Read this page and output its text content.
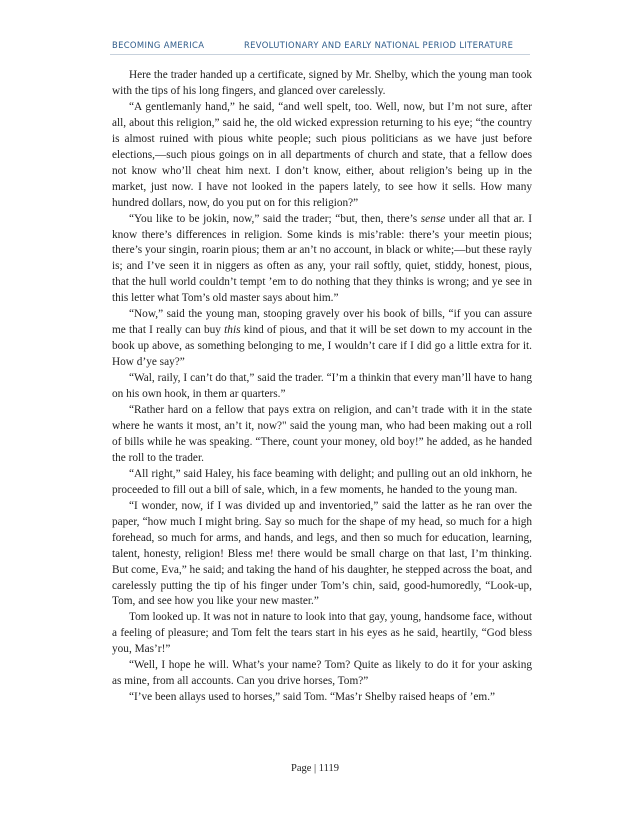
BECOMING AMERICA	REVOLUTIONARY AND EARLY NATIONAL PERIOD LITERATURE

Here the trader handed up a certificate, signed by Mr. Shelby, which the young man took with the tips of his long fingers, and glanced over carelessly.

“A gentlemanly hand,” he said, “and well spelt, too. Well, now, but I’m not sure, after all, about this religion,” said he, the old wicked expression returning to his eye; “the country is almost ruined with pious white people; such pious politicians as we have just before elections,—such pious goings on in all departments of church and state, that a fellow does not know who’ll cheat him next. I don’t know, either, about religion’s being up in the market, just now. I have not looked in the papers lately, to see how it sells. How many hundred dollars, now, do you put on for this religion?”

“You like to be jokin, now,” said the trader; “but, then, there’s sense under all that ar. I know there’s differences in religion. Some kinds is mis’rable: there’s your meetin pious; there’s your singin, roarin pious; them ar an’t no account, in black or white;—but these rayly is; and I’ve seen it in niggers as often as any, your rail softly, quiet, stiddy, honest, pious, that the hull world couldn’t tempt ’em to do nothing that they thinks is wrong; and ye see in this letter what Tom’s old master says about him.”

“Now,” said the young man, stooping gravely over his book of bills, “if you can assure me that I really can buy this kind of pious, and that it will be set down to my account in the book up above, as something belonging to me, I wouldn’t care if I did go a little extra for it. How d’ye say?”

“Wal, raily, I can’t do that,” said the trader. “I’m a thinkin that every man’ll have to hang on his own hook, in them ar quarters.”

“Rather hard on a fellow that pays extra on religion, and can’t trade with it in the state where he wants it most, an’t it, now?" said the young man, who had been making out a roll of bills while he was speaking. “There, count your money, old boy!” he added, as he handed the roll to the trader.

“All right,” said Haley, his face beaming with delight; and pulling out an old inkhorn, he proceeded to fill out a bill of sale, which, in a few moments, he handed to the young man.

“I wonder, now, if I was divided up and inventoried,” said the latter as he ran over the paper, “how much I might bring. Say so much for the shape of my head, so much for a high forehead, so much for arms, and hands, and legs, and then so much for education, learning, talent, honesty, religion! Bless me! there would be small charge on that last, I’m thinking. But come, Eva,” he said; and taking the hand of his daughter, he stepped across the boat, and carelessly putting the tip of his finger under Tom’s chin, said, good-humoredly, “Look-up, Tom, and see how you like your new master.”

Tom looked up. It was not in nature to look into that gay, young, handsome face, without a feeling of pleasure; and Tom felt the tears start in his eyes as he said, heartily, “God bless you, Mas’r!”

“Well, I hope he will. What’s your name? Tom? Quite as likely to do it for your asking as mine, from all accounts. Can you drive horses, Tom?”

“I’ve been allays used to horses,” said Tom. “Mas’r Shelby raised heaps of ’em.”

Page | 1119
